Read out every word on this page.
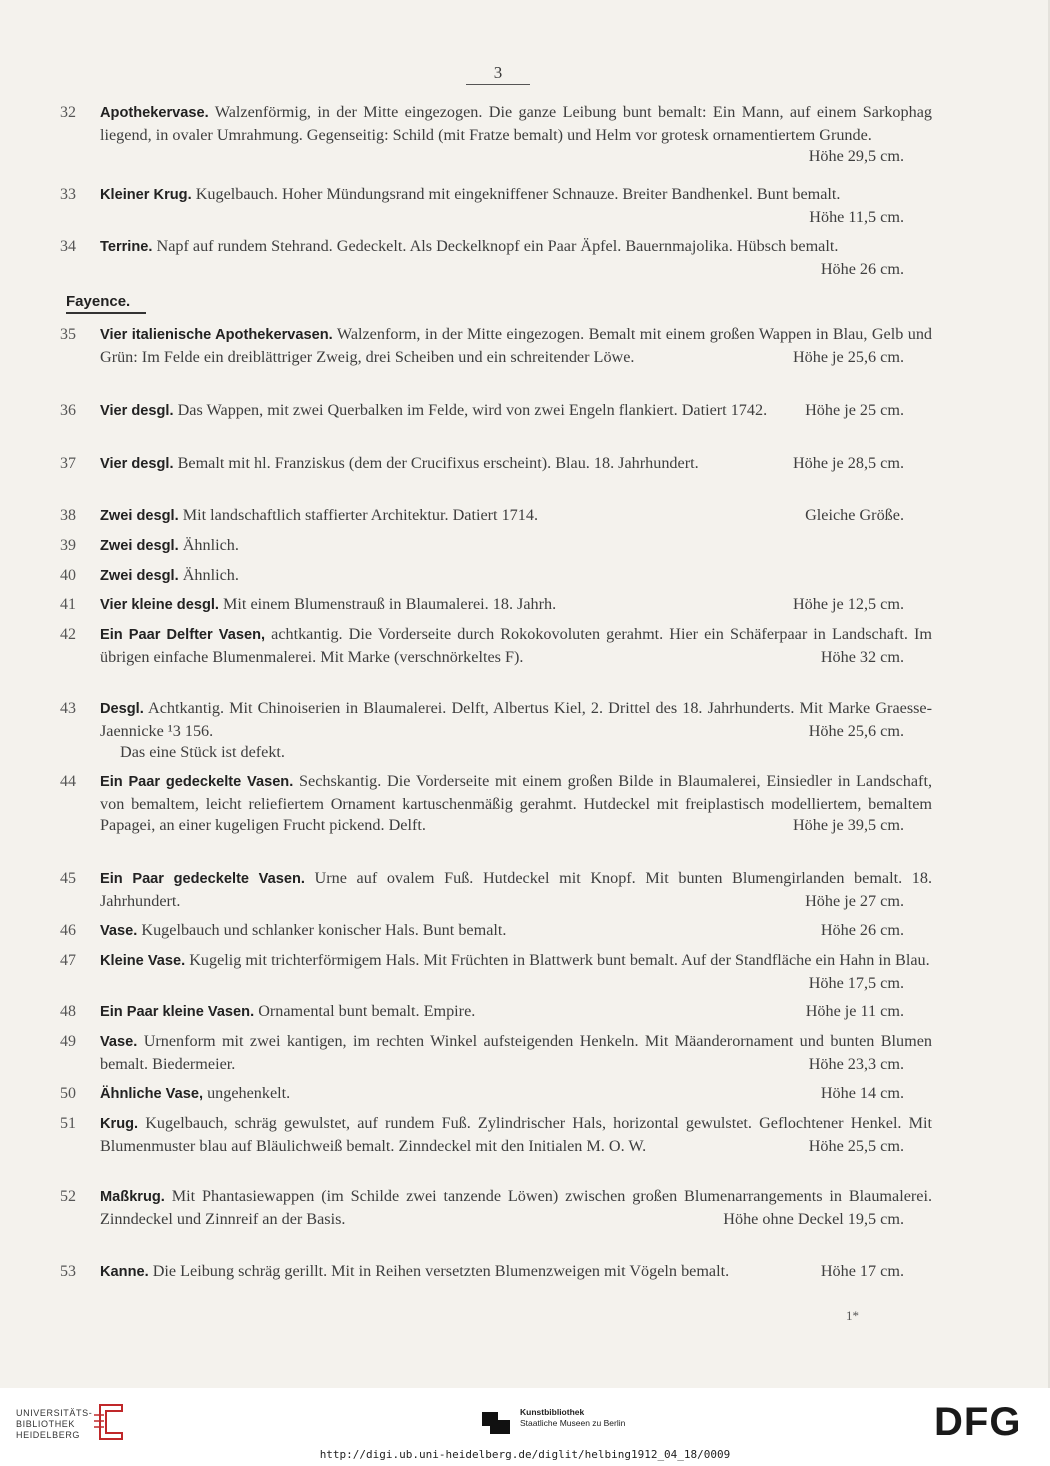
3
32	Apothekervase. Walzenförmig, in der Mitte eingezogen. Die ganze Leibung bunt bemalt: Ein Mann, auf einem Sarkophag liegend, in ovaler Umrahmung. Gegenseitig: Schild (mit Fratze bemalt) und Helm vor grotesk ornamentiertem Grunde.
Höhe 29,5 cm.
33	Kleiner Krug. Kugelbauch. Hoher Mündungsrand mit eingekniffener Schnauze. Breiter Bandhenkel. Bunt bemalt.
Höhe 11,5 cm.
34	Terrine. Napf auf rundem Stehrand. Gedeckelt. Als Deckelknopf ein Paar Äpfel. Bauernmajolika. Hübsch bemalt.
Höhe 26 cm.
35	Vier italienische Apothekervasen. Walzenform, in der Mitte eingezogen. Bemalt mit einem großen Wappen in Blau, Gelb und Grün: Im Felde ein dreiblättriger Zweig, drei Scheiben und ein schreitender Löwe.	Höhe je 25,6 cm.
36	Vier desgl. Das Wappen, mit zwei Querbalken im Felde, wird von zwei Engeln flankiert. Datiert 1742. Höhe je 25 cm.
37	Vier desgl. Bemalt mit hl. Franziskus (dem der Crucifixus erscheint). Blau. 18. Jahrhundert.	Höhe je 28,5 cm.
38	Zwei desgl. Mit landschaftlich staffierter Architektur. Datiert 1714.	Gleiche Größe.
39	Zwei desgl. Ähnlich.
40	Zwei desgl. Ähnlich.
41	Vier kleine desgl. Mit einem Blumenstrauß in Blaumalerei. 18. Jahrh.	Höhe je 12,5 cm.
42	Ein Paar Delfter Vasen, achtkantig. Die Vorderseite durch Rokokovoluten gerahmt. Hier ein Schäferpaar in Landschaft. Im übrigen einfache Blumenmalerei. Mit Marke (verschnörkeltes F).	Höhe 32 cm.
43	Desgl. Achtkantig. Mit Chinoiserien in Blaumalerei. Delft, Albertus Kiel, 2. Drittel des 18. Jahrhunderts. Mit Marke Graesse-Jaennicke ¹3 156.	Höhe 25,6 cm.
Das eine Stück ist defekt.
44	Ein Paar gedeckelte Vasen. Sechskantig. Die Vorderseite mit einem großen Bilde in Blaumalerei, Einsiedler in Landschaft, von bemaltem, leicht reliefiertem Ornament kartuschenmäßig gerahmt. Hutdeckel mit freiplastisch modelliertem, bemaltem Papagei, an einer kugeligen Frucht pickend. Delft.	Höhe je 39,5 cm.
45	Ein Paar gedeckelte Vasen. Urne auf ovalem Fuß. Hutdeckel mit Knopf. Mit bunten Blumengirlanden bemalt. 18. Jahrhundert.	Höhe je 27 cm.
46	Vase. Kugelbauch und schlanker konischer Hals. Bunt bemalt.	Höhe 26 cm.
47	Kleine Vase. Kugelig mit trichterförmigem Hals. Mit Früchten in Blattwerk bunt bemalt. Auf der Standfläche ein Hahn in Blau.
Höhe 17,5 cm.
48	Ein Paar kleine Vasen. Ornamental bunt bemalt. Empire.	Höhe je 11 cm.
49	Vase. Urnenform mit zwei kantigen, im rechten Winkel aufsteigenden Henkeln. Mit Mäanderornament und bunten Blumen bemalt. Biedermeier.	Höhe 23,3 cm.
50	Ähnliche Vase, ungehenkelt.	Höhe 14 cm.
51	Krug. Kugelbauch, schräg gewulstet, auf rundem Fuß. Zylindrischer Hals, horizontal gewulstet. Geflochtener Henkel. Mit Blumenmuster blau auf Bläulichweiß bemalt. Zinndeckel mit den Initialen M. O. W.	Höhe 25,5 cm.
52	Maßkrug. Mit Phantasiewappen (im Schilde zwei tanzende Löwen) zwischen großen Blumenarrangements in Blaumalerei. Zinndeckel und Zinnreif an der Basis.	Höhe ohne Deckel 19,5 cm.
53	Kanne. Die Leibung schräg gerillt. Mit in Reihen versetzten Blumenzweigen mit Vögeln bemalt.	Höhe 17 cm.
Fayence.
1*
UNIVERSITÄTS-
BIBLIOTHEK
HEIDELBERG
Kunstbibliothek
Staatliche Museen zu Berlin	DFG
http://digi.ub.uni-heidelberg.de/diglit/helbing1912_04_18/0009
